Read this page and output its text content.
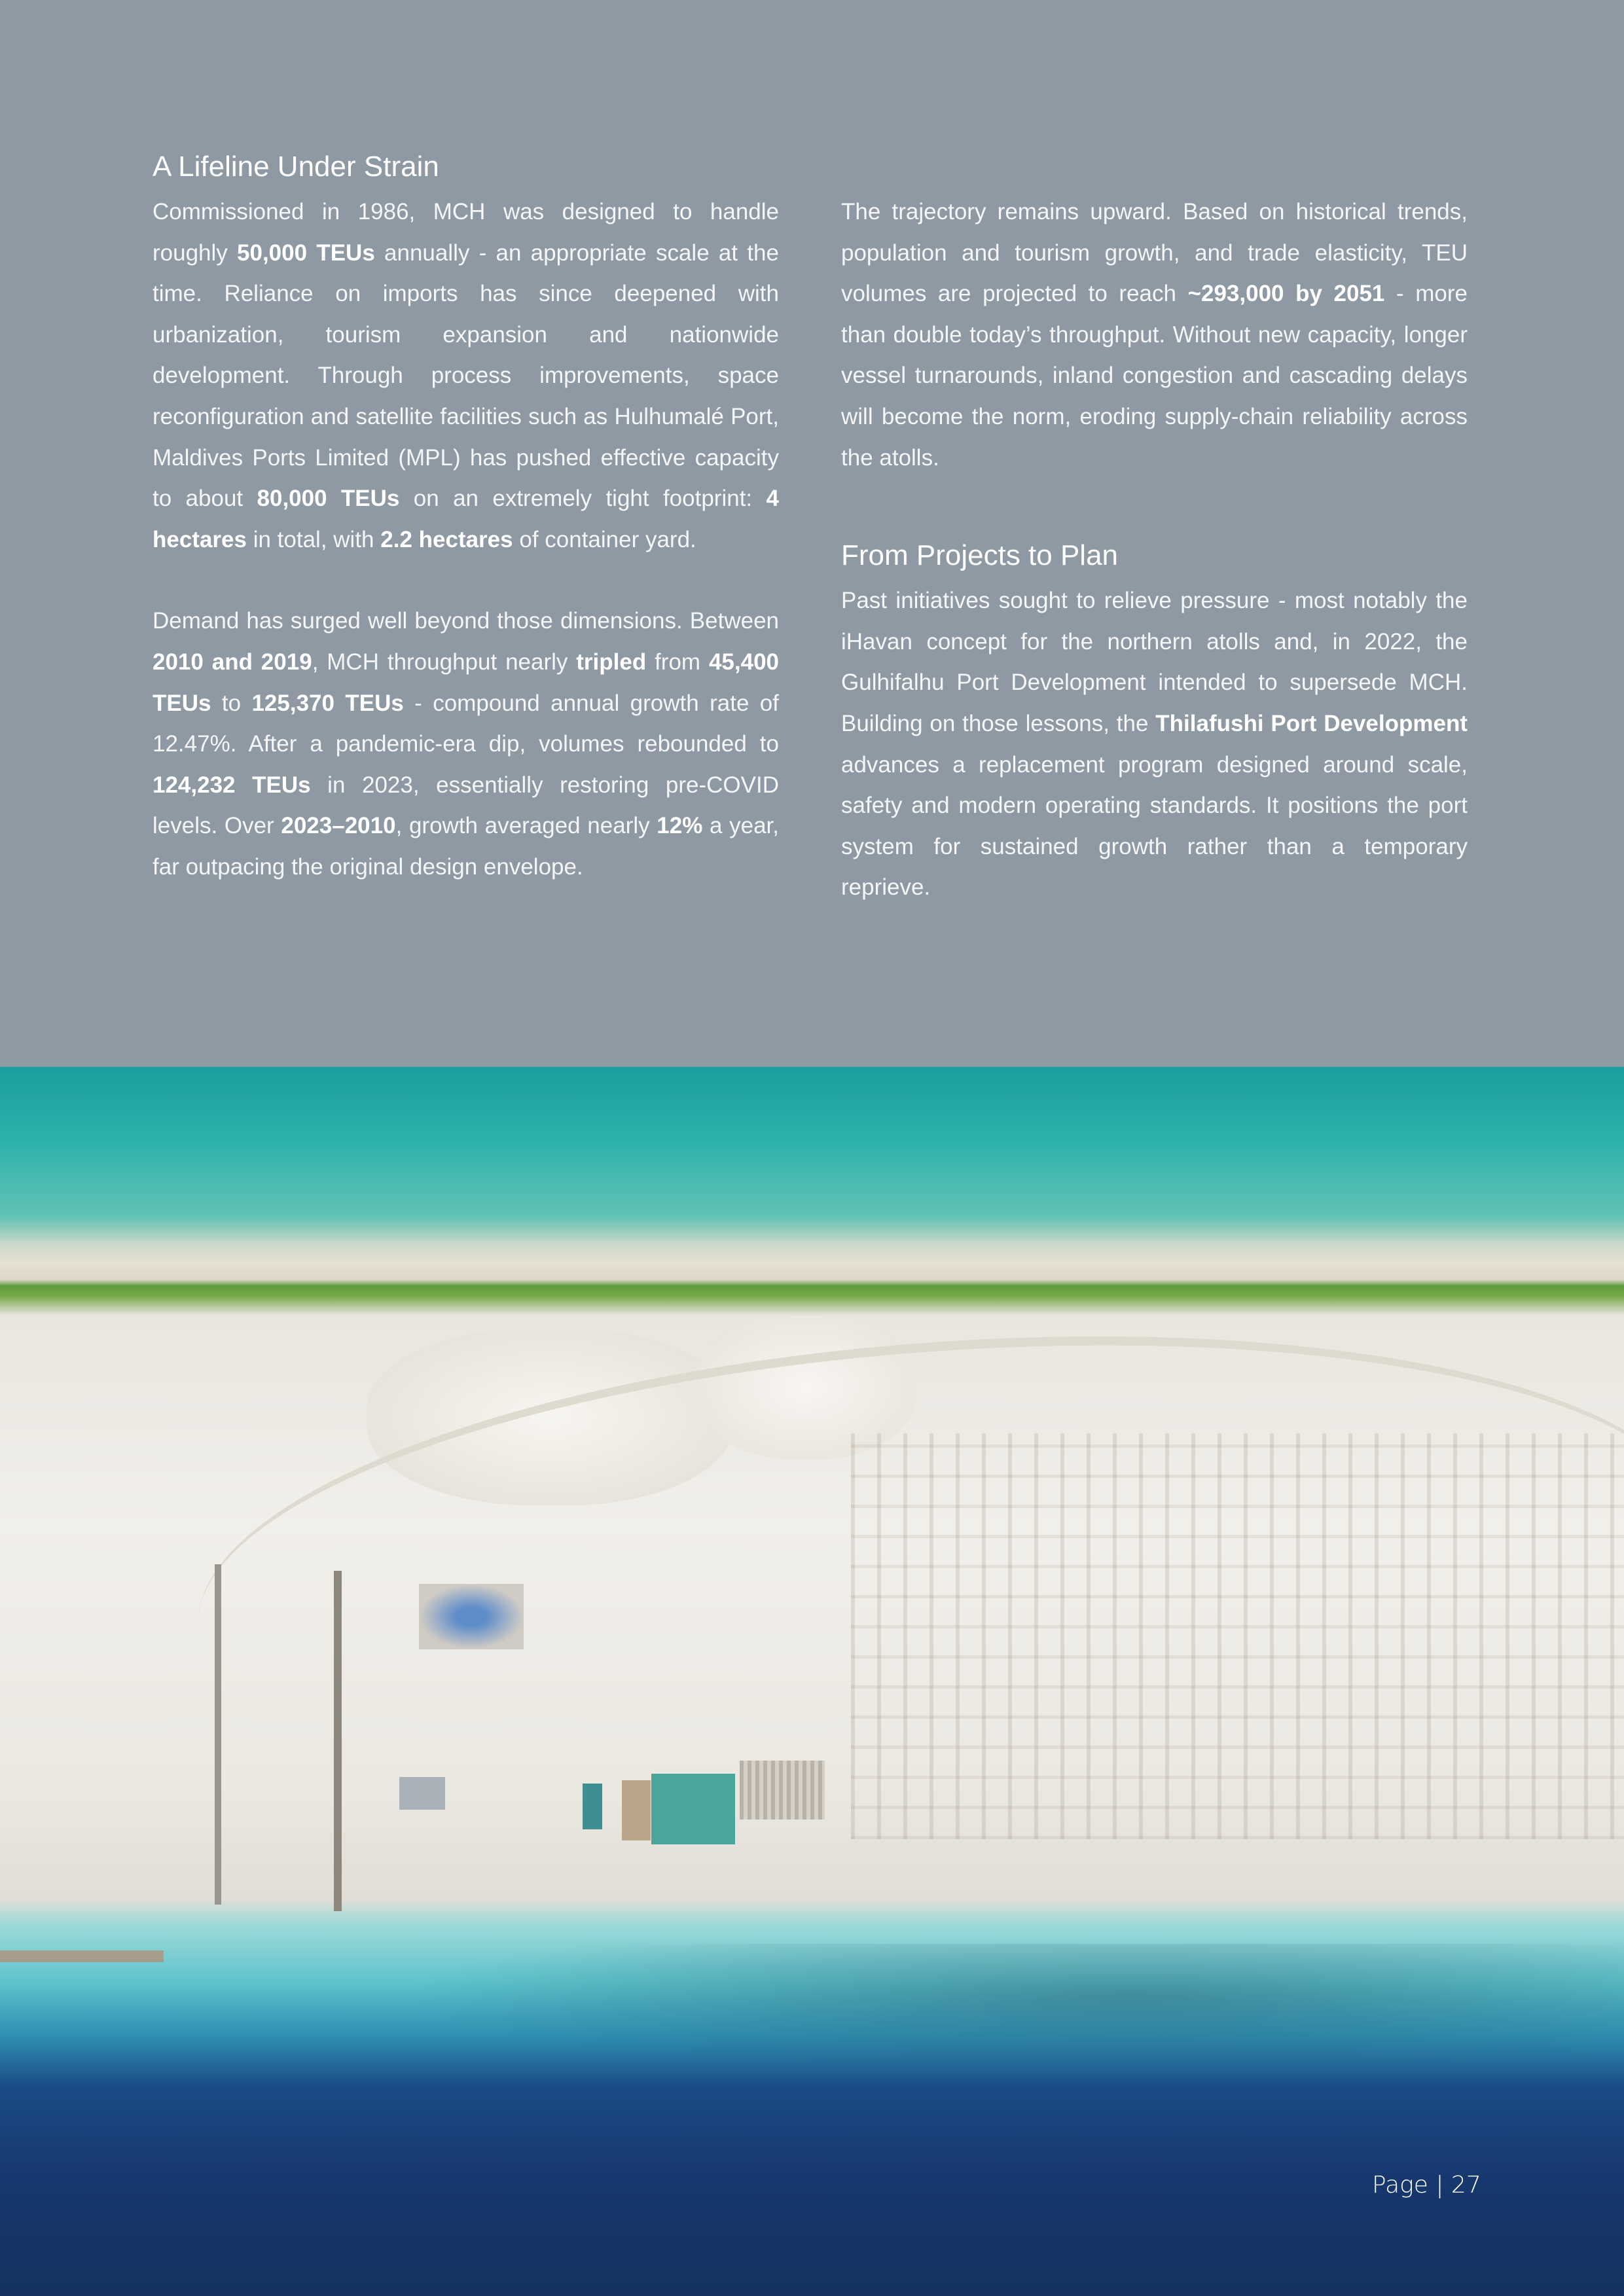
A Lifeline Under Strain

Commissioned in 1986, MCH was designed to handle roughly 50,000 TEUs annually - an appropriate scale at the time. Reliance on imports has since deepened with urbanization, tourism expansion and nationwide development. Through process improvements, space reconfiguration and satellite facilities such as Hulhumalé Port, Maldives Ports Limited (MPL) has pushed effective capacity to about 80,000 TEUs on an extremely tight footprint: 4 hectares in total, with 2.2 hectares of container yard.

Demand has surged well beyond those dimensions. Between 2010 and 2019, MCH throughput nearly tripled from 45,400 TEUs to 125,370 TEUs - compound annual growth rate of 12.47%. After a pandemic-era dip, volumes rebounded to 124,232 TEUs in 2023, essentially restoring pre-COVID levels. Over 2023–2010, growth averaged nearly 12% a year, far outpacing the original design envelope.

The trajectory remains upward. Based on historical trends, population and tourism growth, and trade elasticity, TEU volumes are projected to reach ~293,000 by 2051 - more than double today’s throughput. Without new capacity, longer vessel turnarounds, inland congestion and cascading delays will become the norm, eroding supply-chain reliability across the atolls.

From Projects to Plan

Past initiatives sought to relieve pressure - most notably the iHavan concept for the northern atolls and, in 2022, the Gulhifalhu Port Development intended to supersede MCH. Building on those lessons, the Thilafushi Port Development advances a replacement program designed around scale, safety and modern operating standards. It positions the port system for sustained growth rather than a temporary reprieve.

Page | 27
